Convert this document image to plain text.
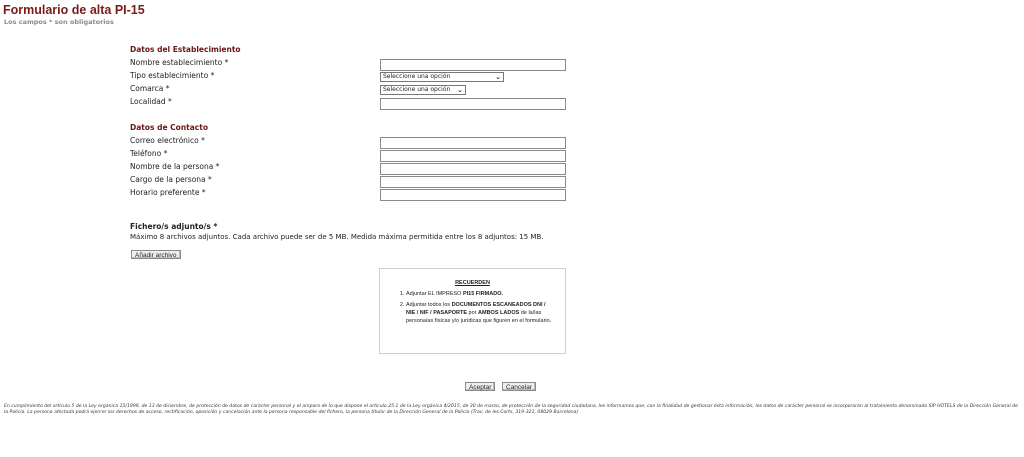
Formulario de alta PI-15
Los campos * son obligatorios
Datos del Establecimiento
Nombre establecimiento *
Tipo establecimiento *	Seleccione una opción	⌄
Comarca *	Seleccione una opción ⌄
Localidad *
Datos de Contacto
Correo electrónico *
Teléfono *
Nombre de la persona *
Cargo de la persona *
Horario preferente *
Fichero/s adjunto/s *
Máximo 8 archivos adjuntos. Cada archivo puede ser de 5 MB. Medida máxima permitida entre los 8 adjuntos: 15 MB.
Añadir archivo
RECUERDEN
1. Adjuntar EL IMPRESO PI15 FIRMADO.
2. Adjuntar todos los DOCUMENTOS ESCANEADOS DNI / NIE / NIF / PASAPORTE por AMBOS LADOS de la/las persona/as físicas y/o jurídicas que figuren en el formulario.
Aceptar	Cancelar
En cumplimiento del artículo 5 de la Ley orgánica 15/1999, de 13 de diciembre, de protección de datos de carácter personal y el amparo de lo que dispone el artículo 25.1 de la Ley orgánica 4/2015, de 30 de marzo, de protección de la seguridad ciudadana, les informamos que, con la finalidad de gestionar ésta información, los datos de carácter personal se incorporarán al tratamiento denominado SIP HOTELS de la Dirección General de la Policía. La persona afectada podrá ejercer los derechos de acceso, rectificación, oposición y cancelación ante la persona responsable del fichero, la persona titular de la Dirección General de la Policía (Trav. de les Corts, 319-321, 08029 Barcelona)
